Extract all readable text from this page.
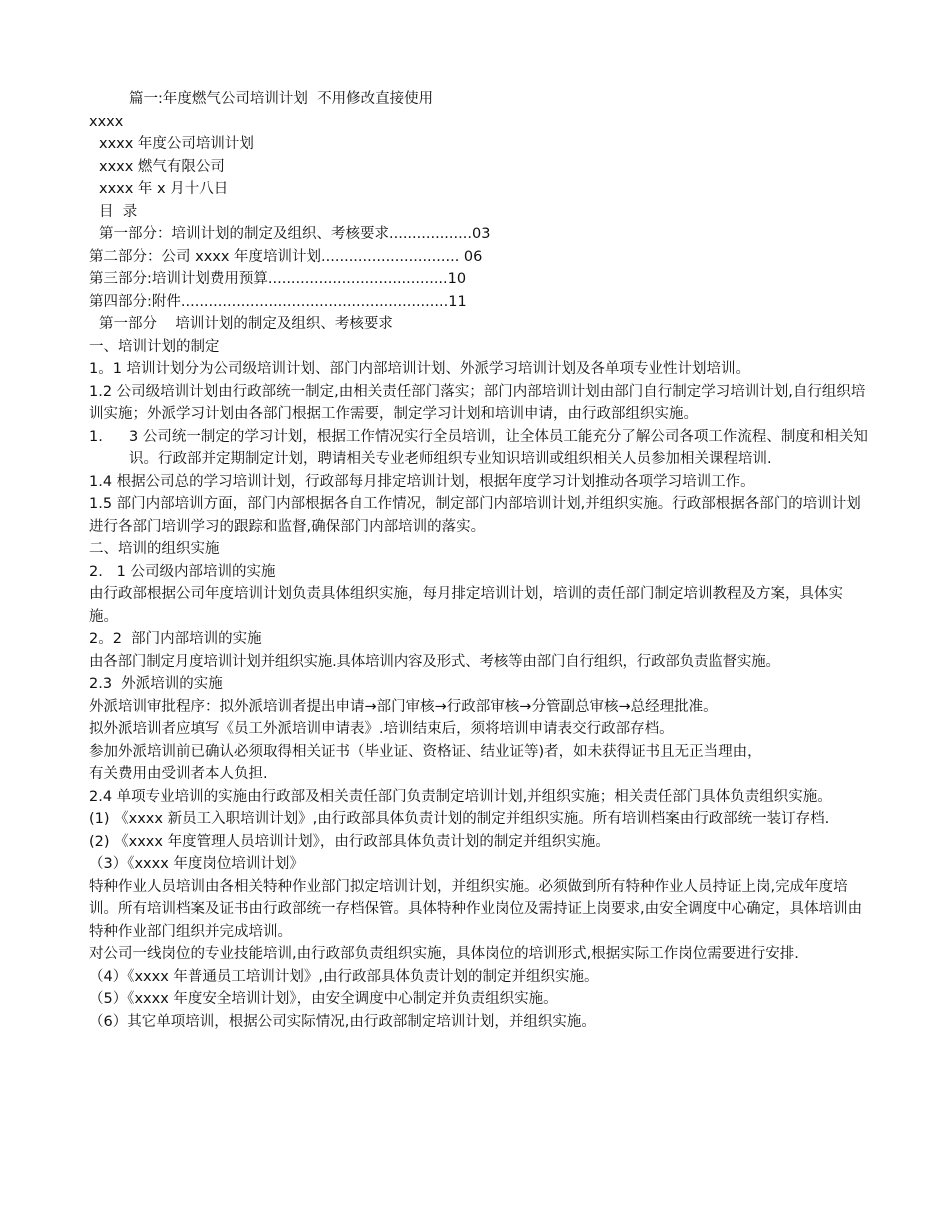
篇一:年度燃气公司培训计划  不用修改直接使用
xxxx
xxxx 年度公司培训计划
xxxx 燃气有限公司
xxxx 年 x 月十八日
目  录
第一部分：培训计划的制定及组织、考核要求..................03
第二部分：公司 xxxx 年度培训计划.............................. 06
第三部分:培训计划费用预算.......................................10
第四部分:附件..........................................................11
第一部分    培训计划的制定及组织、考核要求
一、培训计划的制定
1。1 培训计划分为公司级培训计划、部门内部培训计划、外派学习培训计划及各单项专业性计划培训。
1.2 公司级培训计划由行政部统一制定,由相关责任部门落实；部门内部培训计划由部门自行制定学习培训计划,自行组织培训实施；外派学习计划由各部门根据工作需要，制定学习计划和培训申请，由行政部组织实施。
1.	3 公司统一制定的学习计划，根据工作情况实行全员培训，让全体员工能充分了解公司各项工作流程、制度和相关知识。行政部并定期制定计划，聘请相关专业老师组织专业知识培训或组织相关人员参加相关课程培训.
1.4 根据公司总的学习培训计划，行政部每月排定培训计划，根据年度学习计划推动各项学习培训工作。
1.5 部门内部培训方面，部门内部根据各自工作情况，制定部门内部培训计划,并组织实施。行政部根据各部门的培训计划进行各部门培训学习的跟踪和监督,确保部门内部培训的落实。
二、培训的组织实施
2.   1 公司级内部培训的实施
由行政部根据公司年度培训计划负责具体组织实施，每月排定培训计划，培训的责任部门制定培训教程及方案，具体实施。
2。2  部门内部培训的实施
由各部门制定月度培训计划并组织实施.具体培训内容及形式、考核等由部门自行组织，行政部负责监督实施。
2.3  外派培训的实施
外派培训审批程序：拟外派培训者提出申请→部门审核→行政部审核→分管副总审核→总经理批准。
拟外派培训者应填写《员工外派培训申请表》.培训结束后，须将培训申请表交行政部存档。
参加外派培训前已确认必须取得相关证书（毕业证、资格证、结业证等)者，如未获得证书且无正当理由，
有关费用由受训者本人负担.
2.4 单项专业培训的实施由行政部及相关责任部门负责制定培训计划,并组织实施；相关责任部门具体负责组织实施。
(1) 《xxxx 新员工入职培训计划》,由行政部具体负责计划的制定并组织实施。所有培训档案由行政部统一装订存档.
(2) 《xxxx 年度管理人员培训计划》，由行政部具体负责计划的制定并组织实施。
（3）《xxxx 年度岗位培训计划》
特种作业人员培训由各相关特种作业部门拟定培训计划，并组织实施。必须做到所有特种作业人员持证上岗,完成年度培训。所有培训档案及证书由行政部统一存档保管。具体特种作业岗位及需持证上岗要求,由安全调度中心确定，具体培训由特种作业部门组织并完成培训。
对公司一线岗位的专业技能培训,由行政部负责组织实施，具体岗位的培训形式,根据实际工作岗位需要进行安排.
（4）《xxxx 年普通员工培训计划》,由行政部具体负责计划的制定并组织实施。
（5）《xxxx 年度安全培训计划》，由安全调度中心制定并负责组织实施。
（6）其它单项培训，根据公司实际情况,由行政部制定培训计划，并组织实施。
